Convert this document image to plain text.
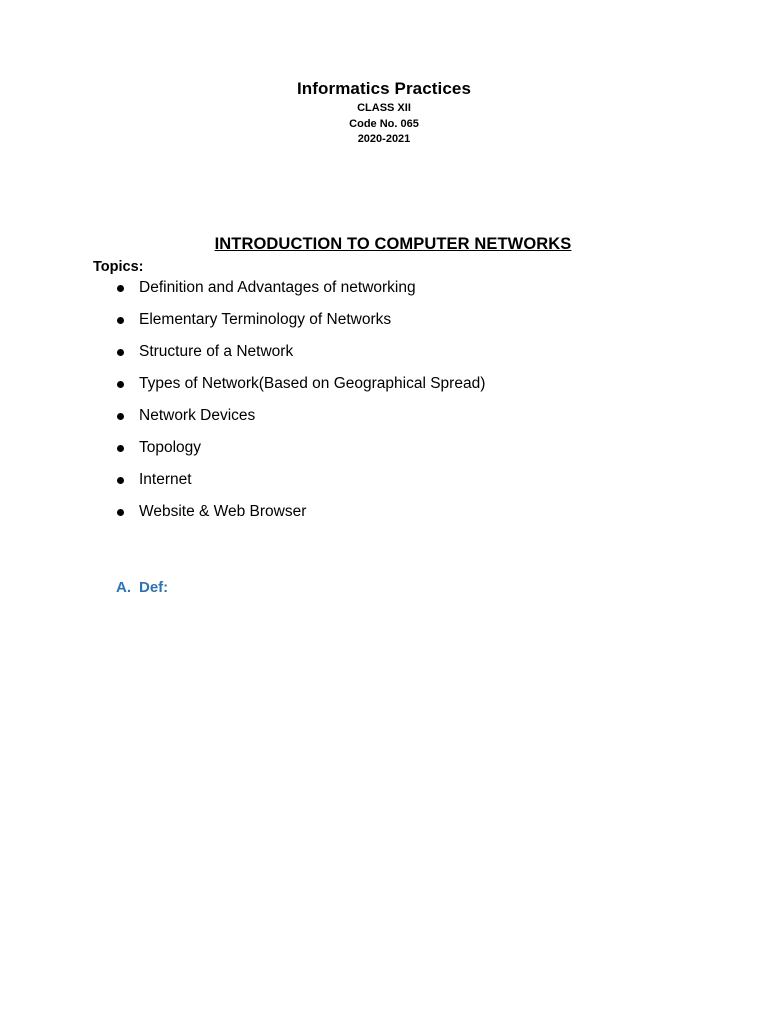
Informatics Practices

CLASS XII

Code No. 065

2020-2021

INTRODUCTION TO COMPUTER NETWORKS

Topics:

Definition and Advantages of networking
Elementary Terminology of Networks
Structure of a Network
Types of Network(Based on Geographical Spread)
Network Devices
Topology
Internet
Website & Web Browser

A. Def:
